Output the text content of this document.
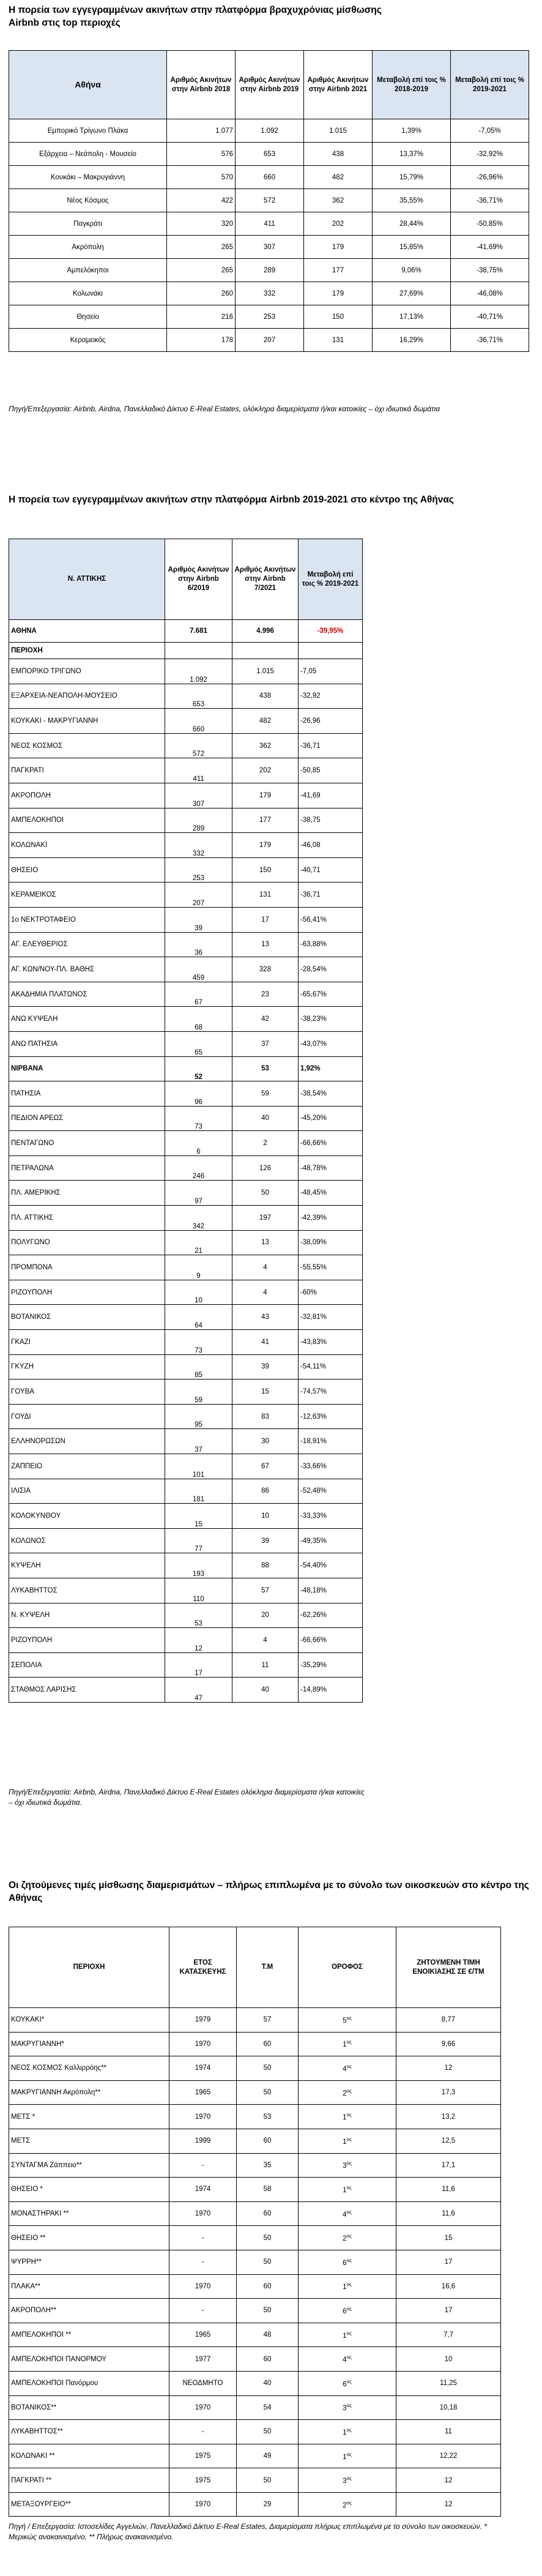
Η πορεία των εγγεγραμμένων ακινήτων στην πλατφόρμα βραχυχρόνιας μίσθωσης
Airbnb στις top περιοχές
Αθήνα	Αριθμός Ακινήτων στην Airbnb 2018	Αριθμός Ακινήτων στην Airbnb 2019	Αριθμός Ακινήτων στην Airbnb 2021	Μεταβολή επί τοις % 2018-2019	Μεταβολή επί τοις % 2019-2021
Εμπορικό Τρίγωνο Πλάκα	1.077	1.092	1.015	1,39%	-7,05%
Εξάρχεια – Νεάπολη - Μουσείο	576	653	438	13,37%	-32,92%
Κουκάκι – Μακρυγιάννη	570	660	482	15,79%	-26,96%
Νέος Κόσμος	422	572	362	35,55%	-36,71%
Παγκράτι	320	411	202	28,44%	-50,85%
Ακρόπολη	265	307	179	15,85%	-41,69%
Αμπελόκηποι	265	289	177	9,06%	-38,75%
Κολωνάκι	260	332	179	27,69%	-46,08%
Θησείο	216	253	150	17,13%	-40,71%
Κεραμεικός	178	207	131	16,29%	-36,71%
Πηγή/Επεξεργασία: Airbnb, Airdna, Πανελλαδικό Δίκτυο E-Real Estates, ολόκληρα διαμερίσματα ή/και κατοικίες – όχι ιδιωτικά δωμάτια
Η πορεία των εγγεγραμμένων ακινήτων στην πλατφόρμα Airbnb 2019-2021 στο κέντρο της Αθήνας
Ν. ΑΤΤΙΚΗΣ	Αριθμός Ακινήτων στην Airbnb 6/2019	Αριθμός Ακινήτων στην Airbnb 7/2021	Μεταβολή επί τοις % 2019-2021
ΑΘΗΝΑ	7.681	4.996	-39,95%
ΠΕΡΙΟΧΗ			
ΕΜΠΟΡΙΚΟ ΤΡΙΓΩΝΟ	1.092	1.015	-7,05
ΕΞΑΡΧΕΙΑ-ΝΕΑΠΟΛΗ-ΜΟΥΣΕΙΟ	653	438	-32,92
ΚΟΥΚΑΚΙ - ΜΑΚΡΥΓΙΑΝΝΗ	660	482	-26,96
ΝΕΟΣ ΚΟΣΜΟΣ	572	362	-36,71
ΠΑΓΚΡΑΤΙ	411	202	-50,85
ΑΚΡΟΠΟΛΗ	307	179	-41,69
ΑΜΠΕΛΟΚΗΠΟΙ	289	177	-38,75
ΚΟΛΩΝΑΚΙ	332	179	-46,08
ΘΗΣΕΙΟ	253	150	-40,71
ΚΕΡΑΜΕΙΚΟΣ	207	131	-36,71
1ο ΝΕΚΤΡΟΤΑΦΕΙΟ	39	17	-56,41%
ΑΓ. ΕΛΕΥΘΕΡΙΟΣ	36	13	-63,88%
ΑΓ. ΚΩΝ/ΝΟΥ-ΠΛ. ΒΑΘΗΣ	459	328	-28,54%
ΑΚΑΔΗΜΙΑ ΠΛΑΤΩΝΟΣ	67	23	-65,67%
ΑΝΩ ΚΥΨΕΛΗ	68	42	-38,23%
ΑΝΩ ΠΑΤΗΣΙΑ	65	37	-43,07%
ΝΙΡΒΑΝΑ	52	53	1,92%
ΠΑΤΗΣΙΑ	96	59	-38,54%
ΠΕΔΙΟΝ ΑΡΕΩΣ	73	40	-45,20%
ΠΕΝΤΑΓΩΝΟ	6	2	-66,66%
ΠΕΤΡΑΛΩΝΑ	246	126	-48,78%
ΠΛ. ΑΜΕΡΙΚΗΣ	97	50	-48,45%
ΠΛ. ΑΤΤΙΚΗΣ	342	197	-42,39%
ΠΟΛΥΓΩΝΟ	21	13	-38,09%
ΠΡΟΜΠΟΝΑ	9	4	-55,55%
ΡΙΖΟΥΠΟΛΗ	10	4	-60%
ΒΟΤΑΝΙΚΟΣ	64	43	-32,81%
ΓΚΑΖΙ	73	41	-43,83%
ΓΚΥΖΗ	85	39	-54,11%
ΓΟΥΒΑ	59	15	-74,57%
ΓΟΥΔΙ	95	83	-12,63%
ΕΛΛΗΝΟΡΩΣΩΝ	37	30	-18,91%
ΖΑΠΠΕΙΟ	101	67	-33,66%
ΙΛΙΣΙΑ	181	86	-52,48%
ΚΟΛΟΚΥΝΘΟΥ	15	10	-33,33%
ΚΟΛΩΝΟΣ	77	39	-49,35%
ΚΥΨΕΛΗ	193	88	-54,40%
ΛΥΚΑΒΗΤΤΟΣ	110	57	-48,18%
Ν. ΚΥΨΕΛΗ	53	20	-62,26%
ΡΙΖΟΥΠΟΛΗ	12	4	-66,66%
ΣΕΠΟΛΙΑ	17	11	-35,29%
ΣΤΑΘΜΟΣ ΛΑΡΙΣΗΣ	47	40	-14,89%
Πηγή/Επεξεργασία: Airbnb, Airdna, Πανελλαδικό Δίκτυο E-Real Estates ολόκληρα διαμερίσματα ή/και κατοικίες – όχι ιδιωτικά δωμάτια.
Οι ζητούμενες τιμές μίσθωσης διαμερισμάτων – πλήρως επιπλωμένα με το σύνολο των οικοσκευών στο κέντρο της Αθήνας
ΠΕΡΙΟΧΗ	ΕΤΟΣ ΚΑΤΑΣΚΕΥΗΣ	Τ.Μ	ΟΡΟΦΟΣ	ΖΗΤΟΥΜΕΝΗ ΤΙΜΗ ΕΝΟΙΚΙΑΣΗΣ ΣΕ €/ΤΜ
ΚΟΥΚΑΚΙ*	1979	57	$5^{o\varsigma}$	8,77
ΜΑΚΡΥΓΙΑΝΝΗ*	1970	60	$1^{o\varsigma}$	9,66
ΝΕΟΣ ΚΟΣΜΟΣ Καλλιρρόης**	1974	50	$4^{o\varsigma}$	12
ΜΑΚΡΥΓΙΑΝΝΗ Ακρόπολη**	1965	50	$2^{o\varsigma}$	17,3
ΜΕΤΣ *	1970	53	$1^{o\varsigma}$	13,2
ΜΕΤΣ	1999	60	$1^{o\varsigma}$	12,5
ΣΥΝΤΑΓΜΑ Ζάππειο**	-	35	$3^{o\varsigma}$	17,1
ΘΗΣΕΙΟ *	1974	58	$1^{o\varsigma}$	11,6
ΜΟΝΑΣΤΗΡΑΚΙ **	1970	60	$4^{o\varsigma}$	11,6
ΘΗΣΕΙΟ **	-	50	$2^{o\varsigma}$	15
ΨΥΡΡΗ**	-	50	$6^{o\varsigma}$	17
ΠΛΑΚΑ**	1970	60	$1^{o\varsigma}$	16,6
ΑΚΡΟΠΟΛΗ**	-	50	$6^{o\varsigma}$	17
ΑΜΠΕΛΟΚΗΠΟΙ **	1965	48	$1^{o\varsigma}$	7,7
ΑΜΠΕΛΟΚΗΠΟΙ ΠΑΝΟΡΜΟΥ	1977	60	$4^{o\varsigma}$	10
ΑΜΠΕΛΟΚΗΠΟΙ Πανόρμου	ΝΕΟΔΜΗΤΟ	40	$6^{o\varsigma}$	11,25
ΒΟΤΑΝΙΚΟΣ**	1970	54	$3^{o\varsigma}$	10,18
ΛΥΚΑΒΗΤΤΟΣ**	-	50	$1^{o\varsigma}$	11
ΚΟΛΩΝΑΚΙ **	1975	49	$1^{o\varsigma}$	12,22
ΠΑΓΚΡΑΤΙ **	1975	50	$3^{o\varsigma}$	12
ΜΕΤΑΞΟΥΡΓΕΙΟ**	1970	29	$2^{o\varsigma}$	12
Πηγή / Επεξεργασία: Ιστοσελίδες Αγγελιών, Πανελλαδικό Δίκτυο E-Real Estates, Διαμερίσματα πλήρως επιπλωμένα με το σύνολο των οικοσκευών. * Μερικώς ανακαινισμένο, ** Πλήρως ανακαινισμένο.
